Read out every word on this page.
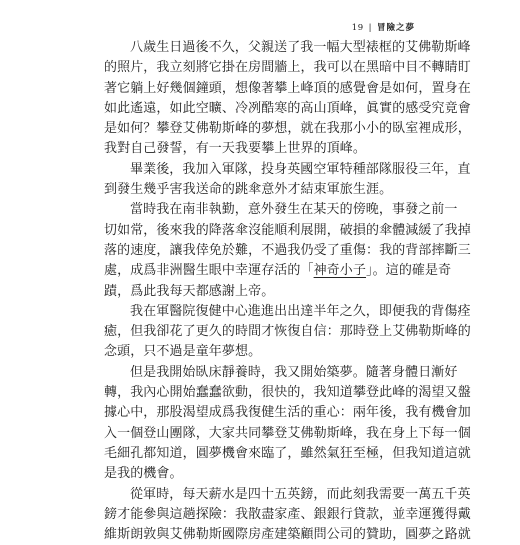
19 | 冒險之夢
八歲生日過後不久，父親送了我一幅大型裱框的艾佛勒斯峰
的照片，我立刻將它掛在房間牆上，我可以在黑暗中目不轉睛盯
著它躺上好幾個鐘頭，想像著攀上峰頂的感覺會是如何，置身在
如此遙遠，如此空曠、冷冽酷寒的高山頂峰，眞實的感受究竟會
是如何？攀登艾佛勒斯峰的夢想，就在我那小小的臥室裡成形，
我對自己發誓，有一天我要攀上世界的頂峰。
畢業後，我加入軍隊，投身英國空軍特種部隊服役三年，直
到發生幾乎害我送命的跳傘意外才結束軍旅生涯。
當時我在南非執勤，意外發生在某天的傍晚，事發之前一
切如常，後來我的降落傘沒能順利展開，破損的傘體減緩了我掉
落的速度，讓我倖免於難，不過我仍受了重傷：我的背部摔斷三
處，成爲非洲醫生眼中幸運存活的「神奇小子」。這的確是奇
蹟，爲此我每天都感謝上帝。
我在軍醫院復健中心進進出出達半年之久，即便我的背傷痊
癒，但我卻花了更久的時間才恢復自信：那時登上艾佛勒斯峰的
念頭，只不過是童年夢想。
但是我開始臥床靜養時，我又開始築夢。隨著身體日漸好
轉，我內心開始蠢蠢欲動，很快的，我知道攀登此峰的渴望又盤
據心中，那股渴望成爲我復健生活的重心：兩年後，我有機會加
入一個登山團隊，大家共同攀登艾佛勒斯峰，我在身上下每一個
毛細孔都知道，圓夢機會來臨了，雖然氣狂至極，但我知道這就
是我的機會。
從軍時，每天薪水是四十五英鎊，而此刻我需要一萬五千英
鎊才能參與這趟探險：我散盡家產、銀銀行貸款，並幸運獲得戴
維斯朗敦與艾佛勒斯國際房產建築顧問公司的贊助，圓夢之路就
